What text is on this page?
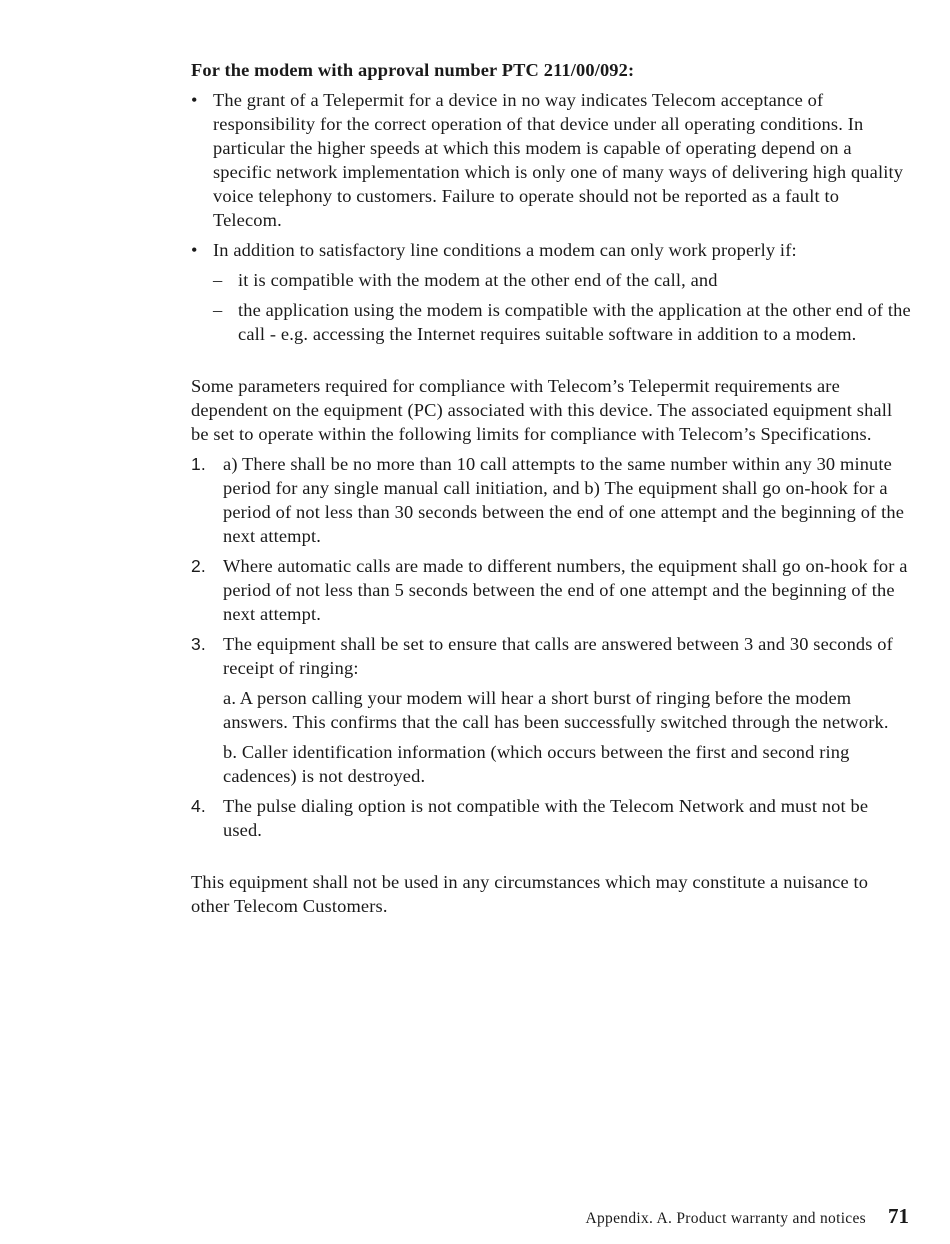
For the modem with approval number PTC 211/00/092:

• The grant of a Telepermit for a device in no way indicates Telecom acceptance of responsibility for the correct operation of that device under all operating conditions. In particular the higher speeds at which this modem is capable of operating depend on a specific network implementation which is only one of many ways of delivering high quality voice telephony to customers. Failure to operate should not be reported as a fault to Telecom.
• In addition to satisfactory line conditions a modem can only work properly if:
– it is compatible with the modem at the other end of the call, and
– the application using the modem is compatible with the application at the other end of the call - e.g. accessing the Internet requires suitable software in addition to a modem.

Some parameters required for compliance with Telecom’s Telepermit requirements are dependent on the equipment (PC) associated with this device. The associated equipment shall be set to operate within the following limits for compliance with Telecom’s Specifications.

1. a) There shall be no more than 10 call attempts to the same number within any 30 minute period for any single manual call initiation, and b) The equipment shall go on-hook for a period of not less than 30 seconds between the end of one attempt and the beginning of the next attempt.
2. Where automatic calls are made to different numbers, the equipment shall go on-hook for a period of not less than 5 seconds between the end of one attempt and the beginning of the next attempt.
3. The equipment shall be set to ensure that calls are answered between 3 and 30 seconds of receipt of ringing:
a. A person calling your modem will hear a short burst of ringing before the modem answers. This confirms that the call has been successfully switched through the network.
b. Caller identification information (which occurs between the first and second ring cadences) is not destroyed.
4. The pulse dialing option is not compatible with the Telecom Network and must not be used.

This equipment shall not be used in any circumstances which may constitute a nuisance to other Telecom Customers.

Appendix. A. Product warranty and notices 71
